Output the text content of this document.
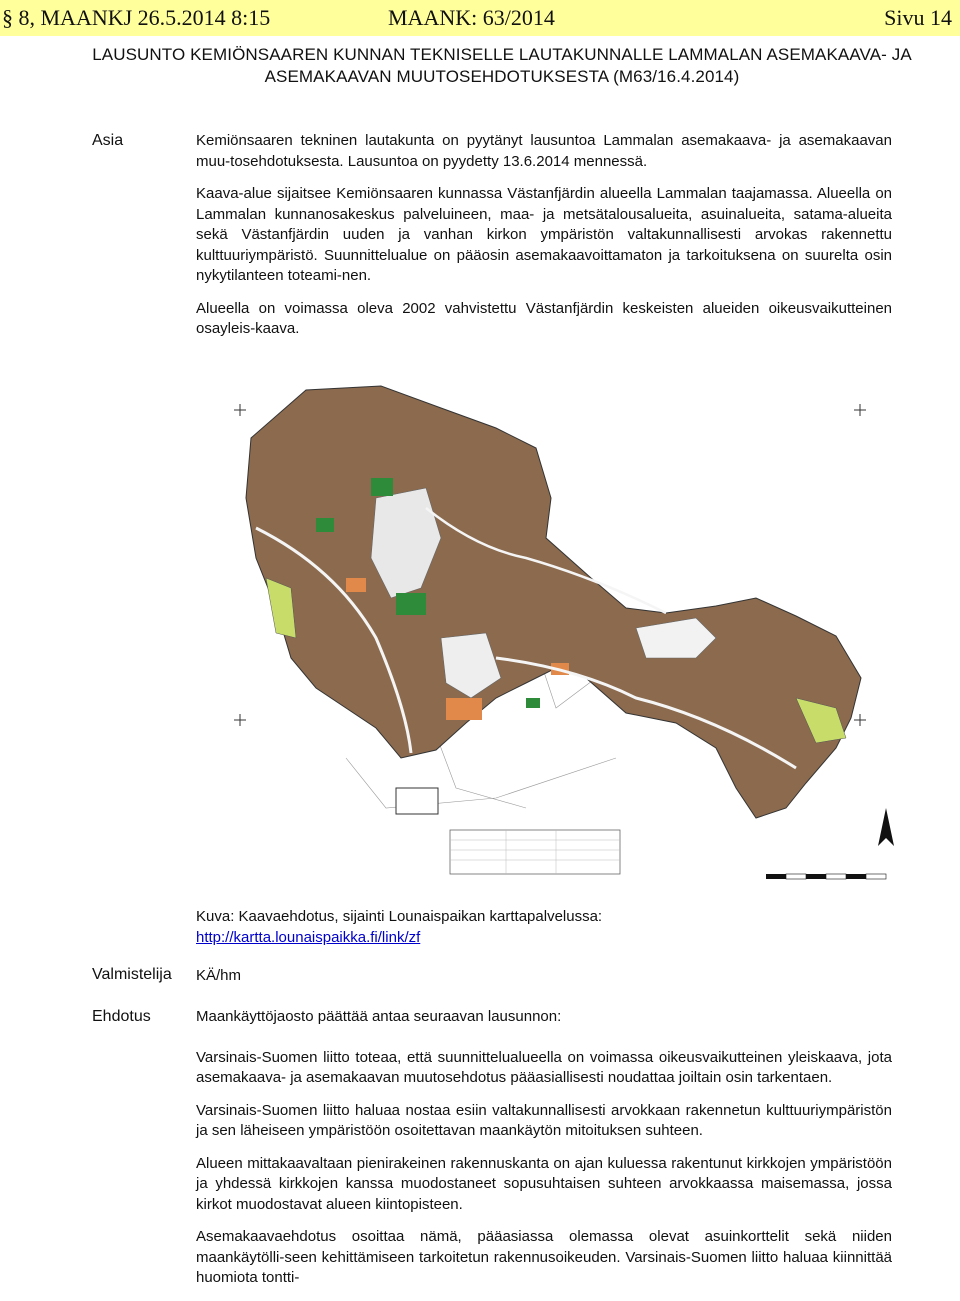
§ 8, MAANKJ 26.5.2014 8:15	MAANK: 63/2014	Sivu 14
LAUSUNTO KEMIÖNSAAREN KUNNAN TEKNISELLE LAUTAKUNNALLE LAMMALAN ASEMAKAAVA- JA
ASEMAKAAVAN MUUTOSEHDOTUKSESTA (M63/16.4.2014)
Asia	Kemiönsaaren tekninen lautakunta on pyytänyt lausuntoa Lammalan asemakaava- ja asemakaavan muu-tosehdotuksesta. Lausuntoa on pyydetty 13.6.2014 mennessä.

Kaava-alue sijaitsee Kemiönsaaren kunnassa Västanfjärdin alueella Lammalan taajamassa. Alueella on Lammalan kunnanosakeskus palveluineen, maa- ja metsätalousalueita, asuinalueita, satama-alueita sekä Västanfjärdin uuden ja vanhan kirkon ympäristön valtakunnallisesti arvokas rakennettu kulttuuriympäristö. Suunnittelualue on pääosin asemakaavoittamaton ja tarkoituksena on suurelta osin nykytilanteen toteami-nen.

Alueella on voimassa oleva 2002 vahvistettu Västanfjärdin keskeisten alueiden oikeusvaikutteinen osayleis-kaava.

Kuva: Kaavaehdotus, sijainti Lounaispaikan karttapalvelussa:
http://kartta.lounaispaikka.fi/link/zf
Valmistelija KÄ/hm
Ehdotus	Maankäyttöjaosto päättää antaa seuraavan lausunnon:

Varsinais-Suomen liitto toteaa, että suunnittelualueella on voimassa oikeusvaikutteinen yleiskaava, jota asemakaava- ja asemakaavan muutosehdotus pääasiallisesti noudattaa joiltain osin tarkentaen.

Varsinais-Suomen liitto haluaa nostaa esiin valtakunnallisesti arvokkaan rakennetun kulttuuriympäristön ja sen läheiseen ympäristöön osoitettavan maankäytön mitoituksen suhteen.

Alueen mittakaavaltaan pienirakeinen rakennuskanta on ajan kuluessa rakentunut kirkkojen ympäristöön ja yhdessä kirkkojen kanssa muodostaneet sopusuhtaisen suhteen arvokkaassa maisemassa, jossa kirkot muodostavat alueen kiintopisteen.

Asemakaavaehdotus osoittaa nämä, pääasiassa olemassa olevat asuinkorttelit sekä niiden maankäytölli-seen kehittämiseen tarkoitetun rakennusoikeuden. Varsinais-Suomen liitto haluaa kiinnittää huomiota tontti-
